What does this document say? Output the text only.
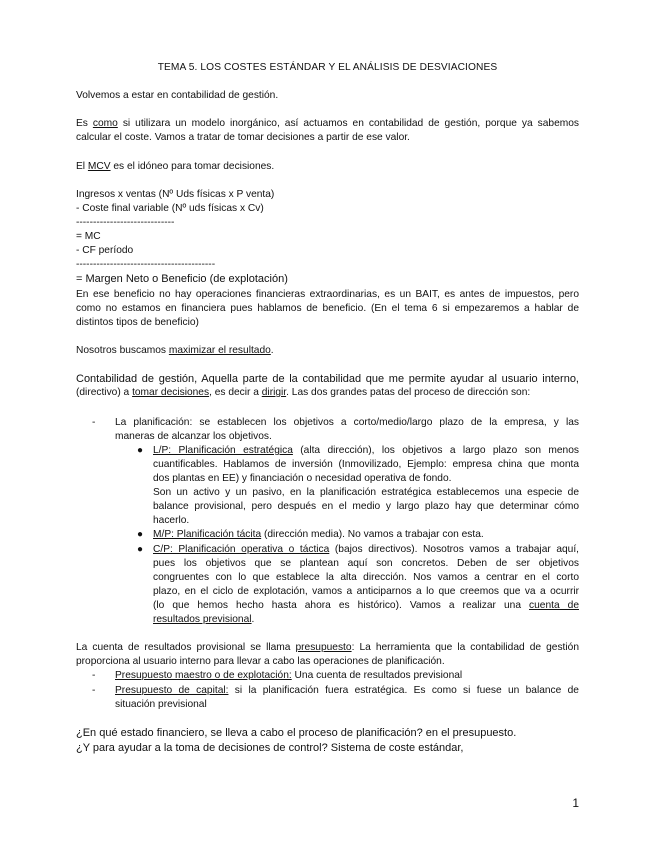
TEMA 5. LOS COSTES ESTÁNDAR Y EL ANÁLISIS DE DESVIACIONES
Volvemos a estar en contabilidad de gestión.
Es como si utilizara un modelo inorgánico, así actuamos en contabilidad de gestión, porque ya sabemos
calcular el coste. Vamos a tratar de tomar decisiones a partir de ese valor.
El MCV es el idóneo para tomar decisiones.
Ingresos x ventas (Nº Uds físicas x P venta)
- Coste final variable (Nº uds físicas x Cv)
-----------------------------
= MC
- CF período
-----------------------------------------
= Margen Neto o Beneficio (de explotación)
En ese beneficio no hay operaciones financieras extraordinarias, es un BAIT, es antes de impuestos, pero
como no estamos en financiera pues hablamos de beneficio. (En el tema 6 si empezaremos a hablar de
distintos tipos de beneficio)
Nosotros buscamos maximizar el resultado.
Contabilidad de gestión, Aquella parte de la contabilidad que me permite ayudar al usuario interno,
(directivo) a tomar decisiones, es decir a dirigir. Las dos grandes patas del proceso de dirección son:
- La planificación: se establecen los objetivos a corto/medio/largo plazo de la empresa, y las
maneras de alcanzar los objetivos.
● L/P: Planificación estratégica (alta dirección), los objetivos a largo plazo son menos
cuantificables. Hablamos de inversión (Inmovilizado, Ejemplo: empresa china que monta
dos plantas en EE) y financiación o necesidad operativa de fondo.
Son un activo y un pasivo, en la planificación estratégica establecemos una especie de
balance provisional, pero después en el medio y largo plazo hay que determinar cómo
hacerlo.
● M/P: Planificación tácita (dirección media). No vamos a trabajar con esta.
● C/P: Planificación operativa o táctica (bajos directivos). Nosotros vamos a trabajar aquí,
pues los objetivos que se plantean aquí son concretos. Deben de ser objetivos
congruentes con lo que establece la alta dirección. Nos vamos a centrar en el corto
plazo, en el ciclo de explotación, vamos a anticiparnos a lo que creemos que va a ocurrir
(lo que hemos hecho hasta ahora es histórico). Vamos a realizar una cuenta de
resultados previsional.
La cuenta de resultados provisional se llama presupuesto: La herramienta que la contabilidad de gestión
proporciona al usuario interno para llevar a cabo las operaciones de planificación.
- Presupuesto maestro o de explotación: Una cuenta de resultados previsional
- Presupuesto de capital: si la planificación fuera estratégica. Es como si fuese un balance de
situación previsional
¿En qué estado financiero, se lleva a cabo el proceso de planificación? en el presupuesto.
¿Y para ayudar a la toma de decisiones de control? Sistema de coste estándar,
1
